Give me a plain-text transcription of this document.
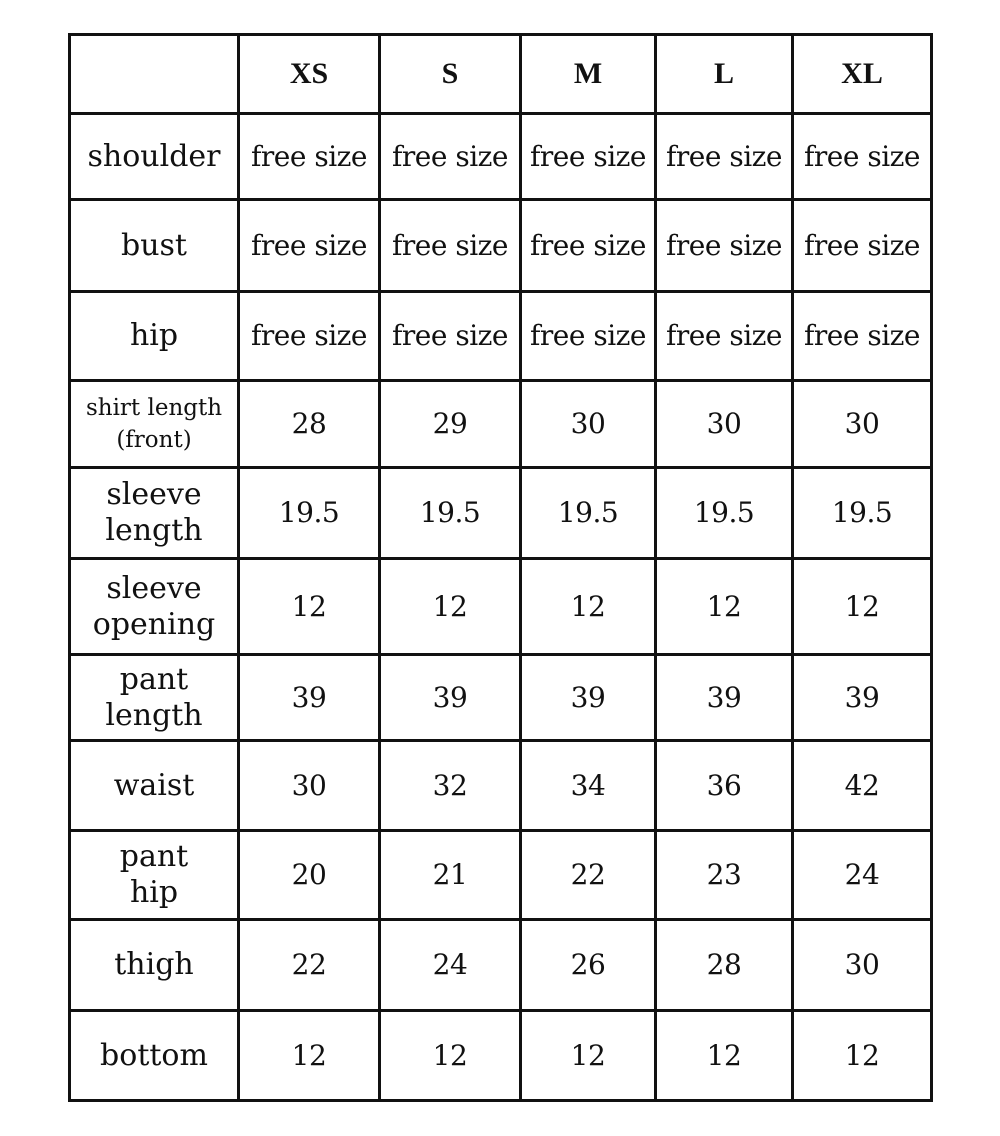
	XS	S	M	L	XL
shoulder	free size	free size	free size	free size	free size
bust	free size	free size	free size	free size	free size
hip	free size	free size	free size	free size	free size
shirt length
(front)	28	29	30	30	30
sleeve
length	19.5	19.5	19.5	19.5	19.5
sleeve
opening	12	12	12	12	12
pant
length	39	39	39	39	39
waist	30	32	34	36	42
pant
hip	20	21	22	23	24
thigh	22	24	26	28	30
bottom	12	12	12	12	12
